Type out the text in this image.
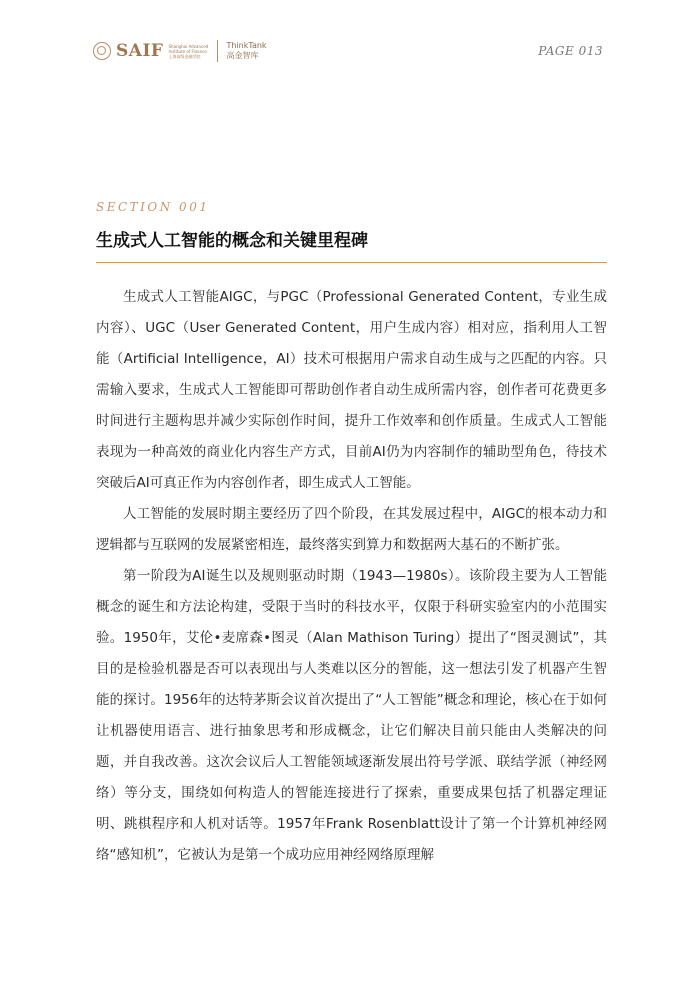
SAIF Shanghai Advanced
Institute of Finance
上海高级金融学院
ThinkTank
高金智库	PAGE 013
SECTION 001
生成式人工智能的概念和关键里程碑

生成式人工智能AIGC，与PGC（Professional Generated Content，专业生成内容）、UGC（User Generated Content，用户生成内容）相对应，指利用人工智能（Artificial Intelligence，AI）技术可根据用户需求自动生成与之匹配的内容。只需输入要求，生成式人工智能即可帮助创作者自动生成所需内容，创作者可花费更多时间进行主题构思并减少实际创作时间，提升工作效率和创作质量。生成式人工智能表现为一种高效的商业化内容生产方式，目前AI仍为内容制作的辅助型角色，待技术突破后AI可真正作为内容创作者，即生成式人工智能。

人工智能的发展时期主要经历了四个阶段，在其发展过程中，AIGC的根本动力和逻辑都与互联网的发展紧密相连，最终落实到算力和数据两大基石的不断扩张。

第一阶段为AI诞生以及规则驱动时期（1943—1980s）。该阶段主要为人工智能概念的诞生和方法论构建，受限于当时的科技水平，仅限于科研实验室内的小范围实验。1950年，艾伦•麦席森•图灵（Alan Mathison Turing）提出了“图灵测试”，其目的是检验机器是否可以表现出与人类难以区分的智能，这一想法引发了机器产生智能的探讨。1956年的达特茅斯会议首次提出了“人工智能”概念和理论，核心在于如何让机器使用语言、进行抽象思考和形成概念，让它们解决目前只能由人类解决的问题，并自我改善。这次会议后人工智能领域逐渐发展出符号学派、联结学派（神经网络）等分支，围绕如何构造人的智能连接进行了探索，重要成果包括了机器定理证明、跳棋程序和人机对话等。1957年Frank Rosenblatt设计了第一个计算机神经网络“感知机”，它被认为是第一个成功应用神经网络原理解
